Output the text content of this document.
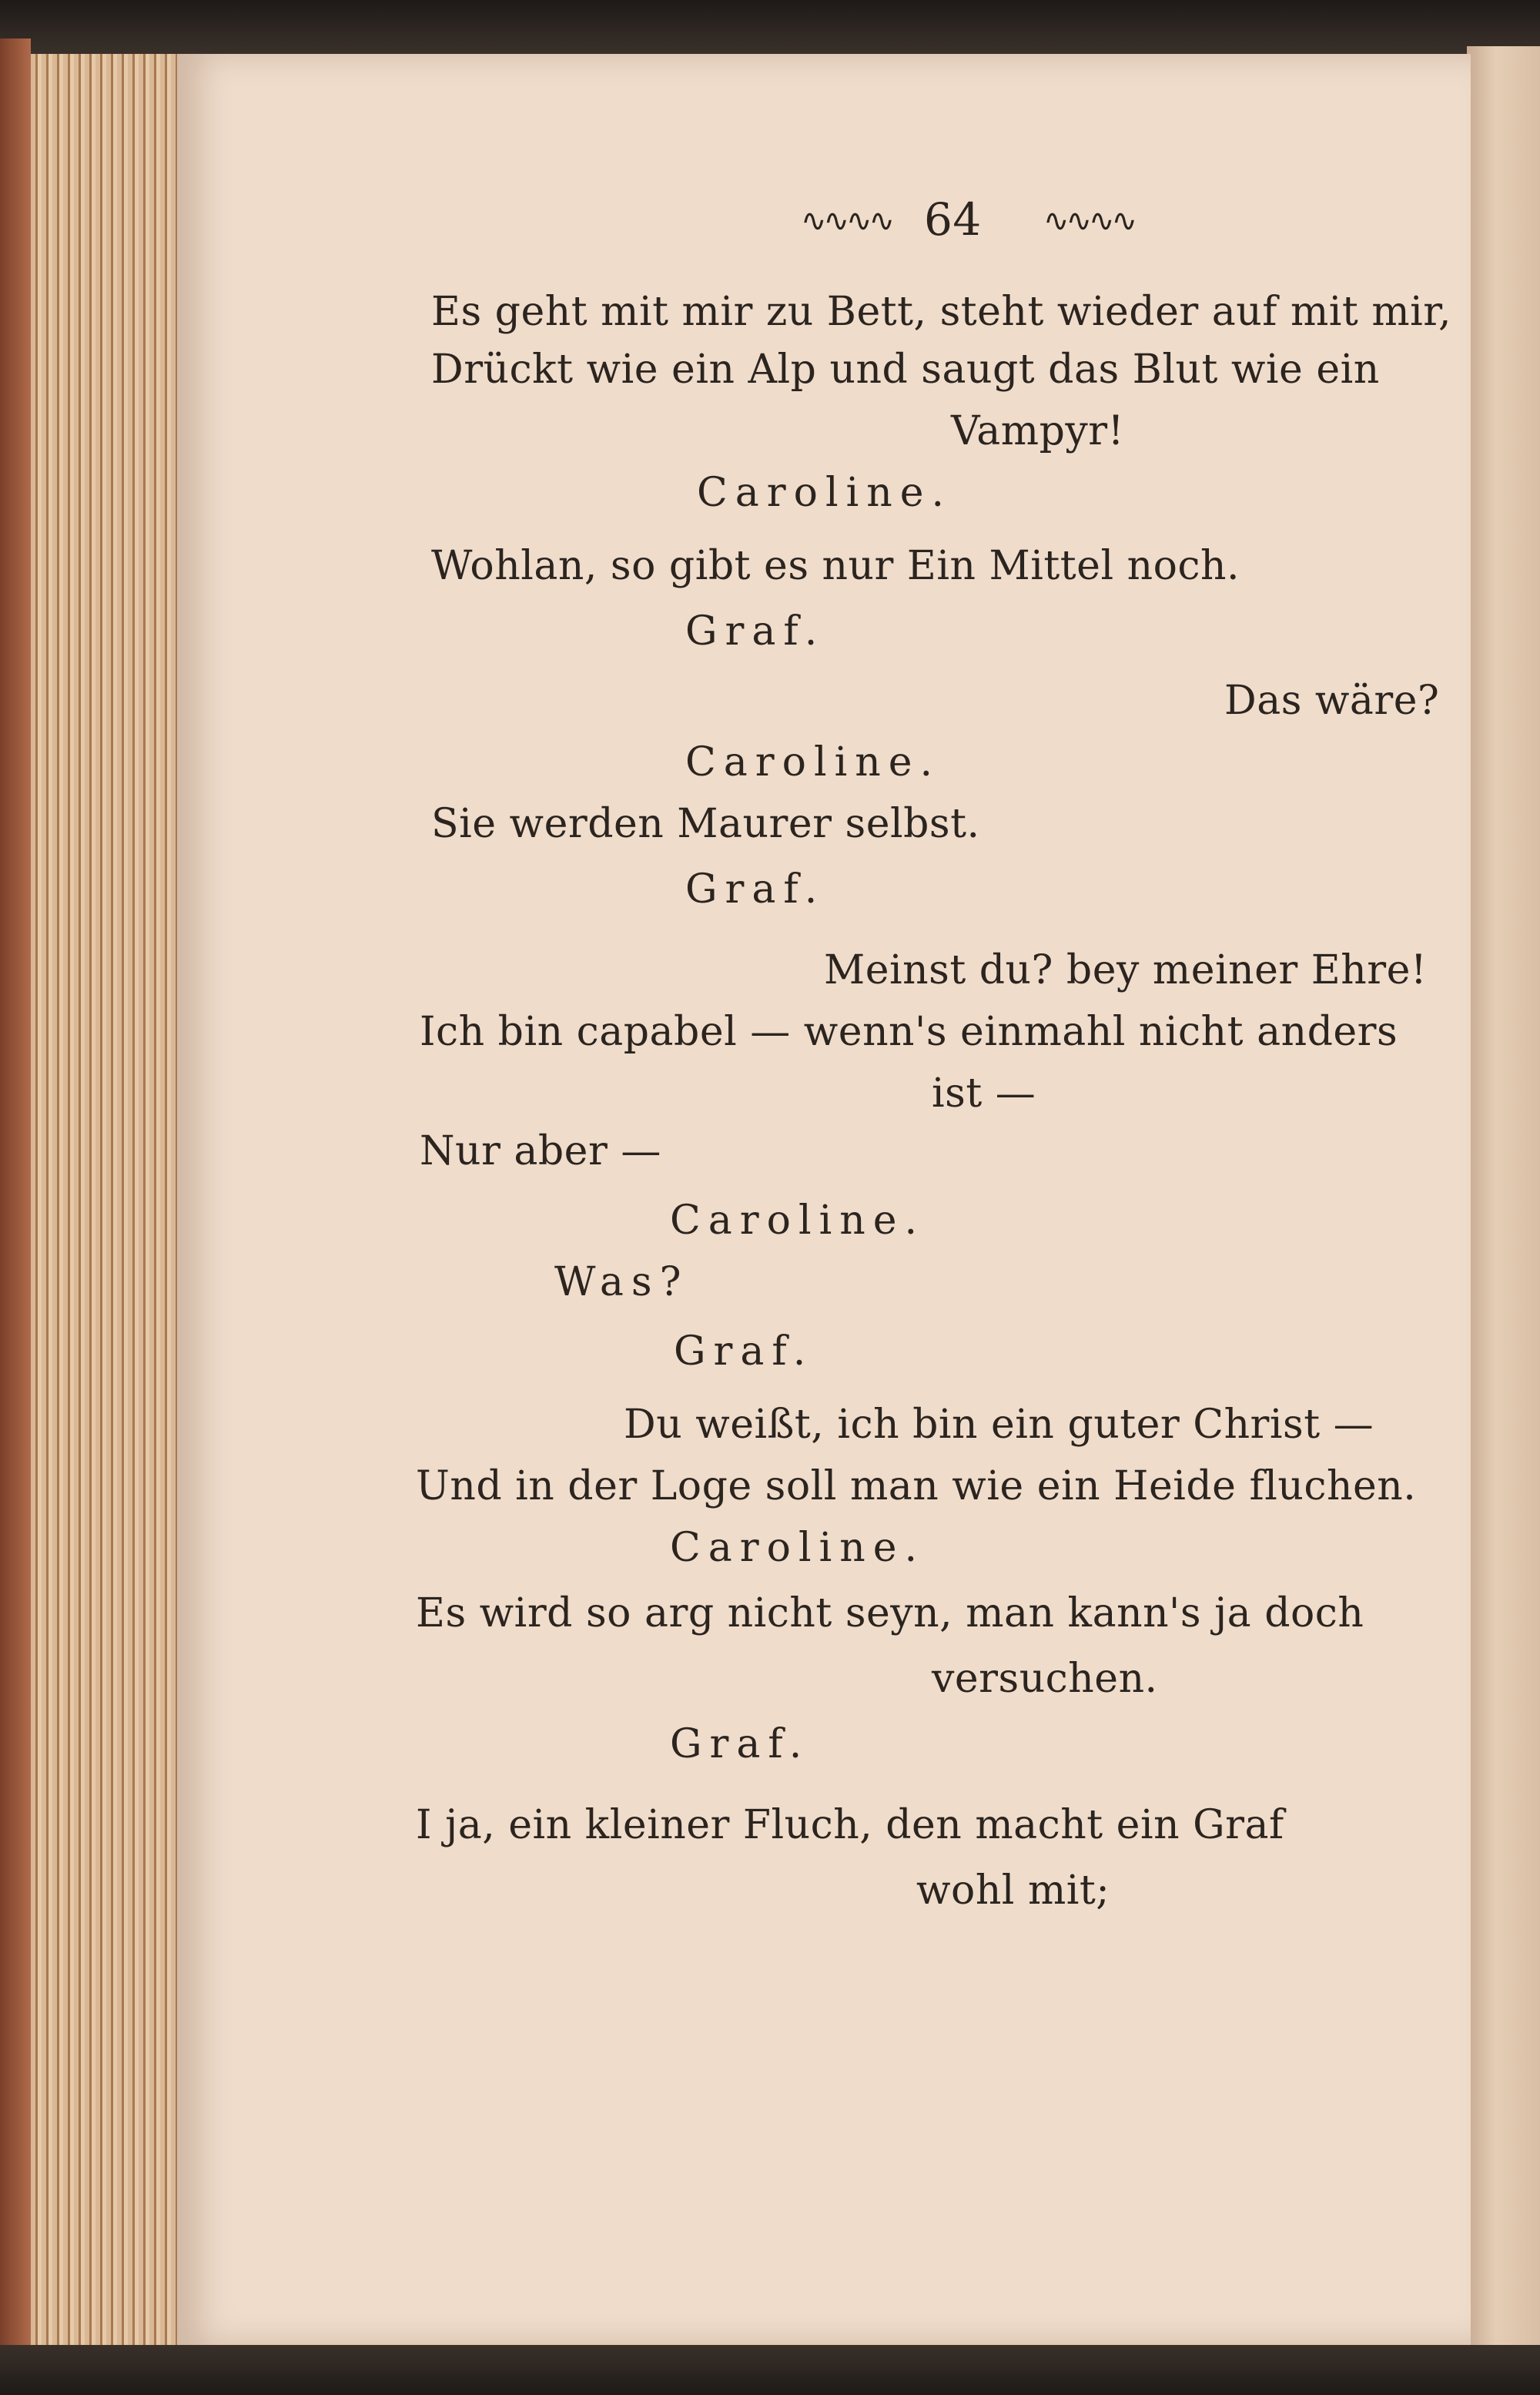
∿∿∿∿ 64 ∿∿∿∿
Es geht mit mir zu Bett, steht wieder auf mit mir,
Drückt wie ein Alp und saugt das Blut wie ein
Vampyr!
Caroline.
Wohlan, so gibt es nur Ein Mittel noch.
Graf.
Das wäre?
Caroline.
Sie werden Maurer selbst.
Graf.
Meinst du? bey meiner Ehre!
Ich bin capabel — wenn's einmahl nicht anders
ist —
Nur aber —
Caroline.
Was?
Graf.
Du weißt, ich bin ein guter Christ —
Und in der Loge soll man wie ein Heide fluchen.
Caroline.
Es wird so arg nicht seyn, man kann's ja doch
versuchen.
Graf.
I ja, ein kleiner Fluch, den macht ein Graf
wohl mit;
